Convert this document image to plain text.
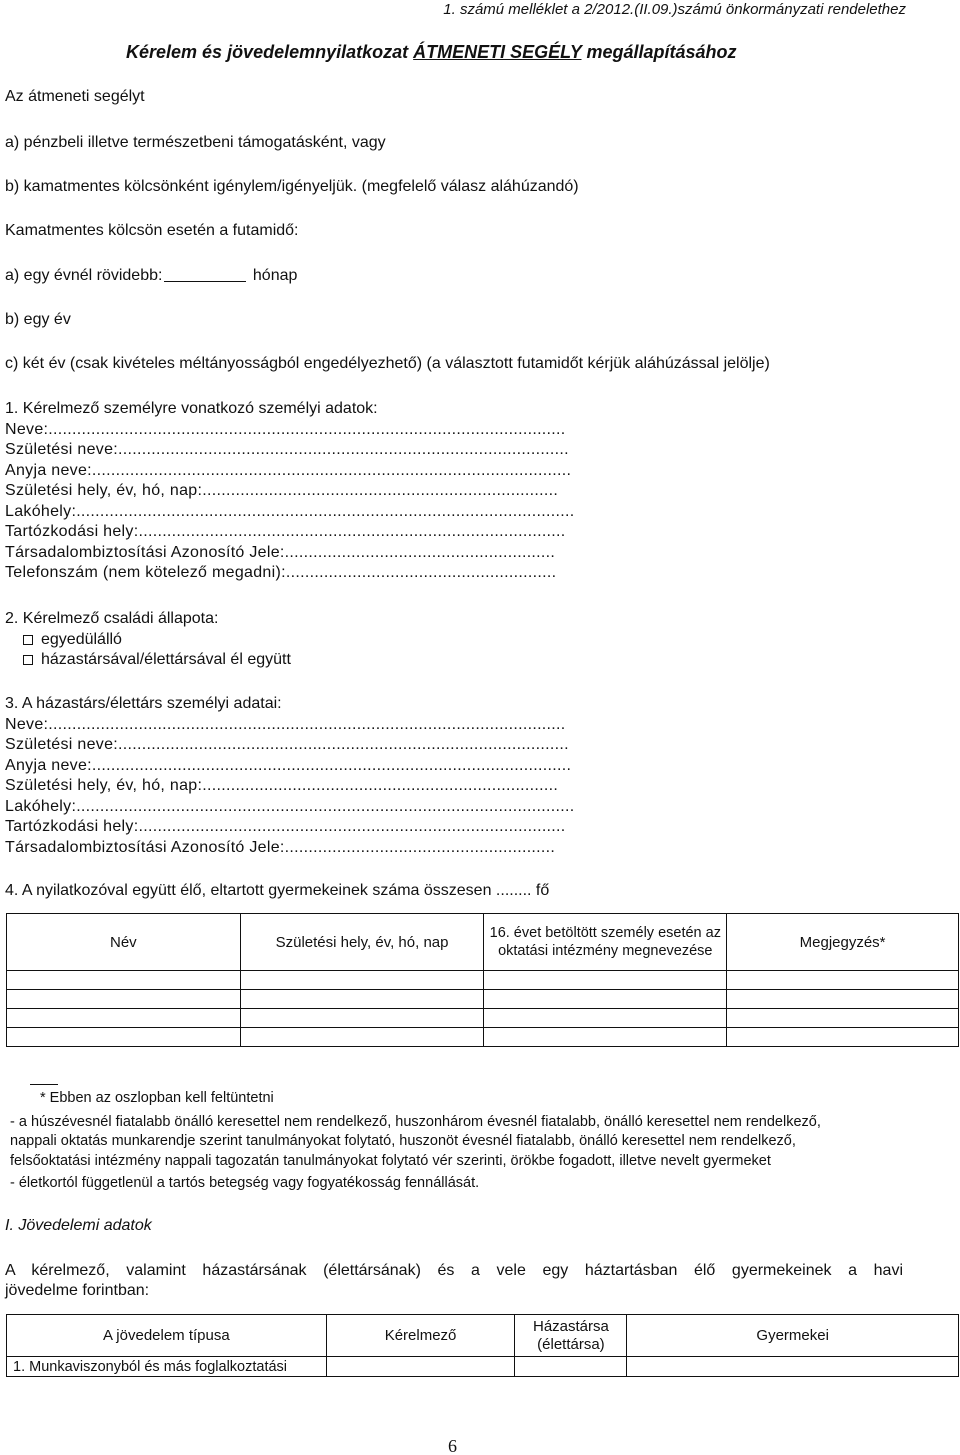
1. számú melléklet a 2/2012.(II.09.)számú önkormányzati rendelethez
Kérelem és jövedelemnyilatkozat ÁTMENETI SEGÉLY megállapításához
Az átmeneti segélyt
a) pénzbeli illetve természetbeni támogatásként, vagy
b) kamatmentes kölcsönként igénylem/igényeljük. (megfelelő válasz aláhúzandó)
Kamatmentes kölcsön esetén a futamidő:
a) egy évnél rövidebb:	hónap
b) egy év
c) két év (csak kivételes méltányosságból engedélyezhető) (a választott futamidőt kérjük aláhúzással jelölje)
1. Kérelmező személyre vonatkozó személyi adatok:
Neve:.............................................................................................................
Születési neve:...............................................................................................
Anyja neve:.....................................................................................................
Születési hely, év, hó, nap:...........................................................................
Lakóhely:.........................................................................................................
Tartózkodási hely:..........................................................................................
Társadalombiztosítási Azonosító Jele:.........................................................
Telefonszám (nem kötelező megadni):.........................................................
2. Kérelmező családi állapota:
egyedülálló
házastársával/élettársával él együtt
3. A házastárs/élettárs személyi adatai:
Neve:.............................................................................................................
Születési neve:...............................................................................................
Anyja neve:.....................................................................................................
Születési hely, év, hó, nap:...........................................................................
Lakóhely:.........................................................................................................
Tartózkodási hely:..........................................................................................
Társadalombiztosítási Azonosító Jele:.........................................................
4. A nyilatkozóval együtt élő, eltartott gyermekeinek száma összesen ........ fő
Név	Születési hely, év, hó, nap	16. évet betöltött személy esetén az oktatási intézmény megnevezése	Megjegyzés*

* Ebben az oszlopban kell feltüntetni
- a húszévesnél fiatalabb önálló keresettel nem rendelkező, huszonhárom évesnél fiatalabb, önálló keresettel nem rendelkező,
nappali oktatás munkarendje szerint tanulmányokat folytató, huszonöt évesnél fiatalabb, önálló keresettel nem rendelkező,
felsőoktatási intézmény nappali tagozatán tanulmányokat folytató vér szerinti, örökbe fogadott, illetve nevelt gyermeket
- életkortól függetlenül a tartós betegség vagy fogyatékosság fennállását.
I. Jövedelemi adatok
A kérelmező, valamint házastársának (élettársának) és a vele egy háztartásban élő gyermekeinek a havi
jövedelme forintban:
A jövedelem típusa	Kérelmező	Házastársa (élettársa)	Gyermekei
1. Munkaviszonyból és más foglalkoztatási			
6
